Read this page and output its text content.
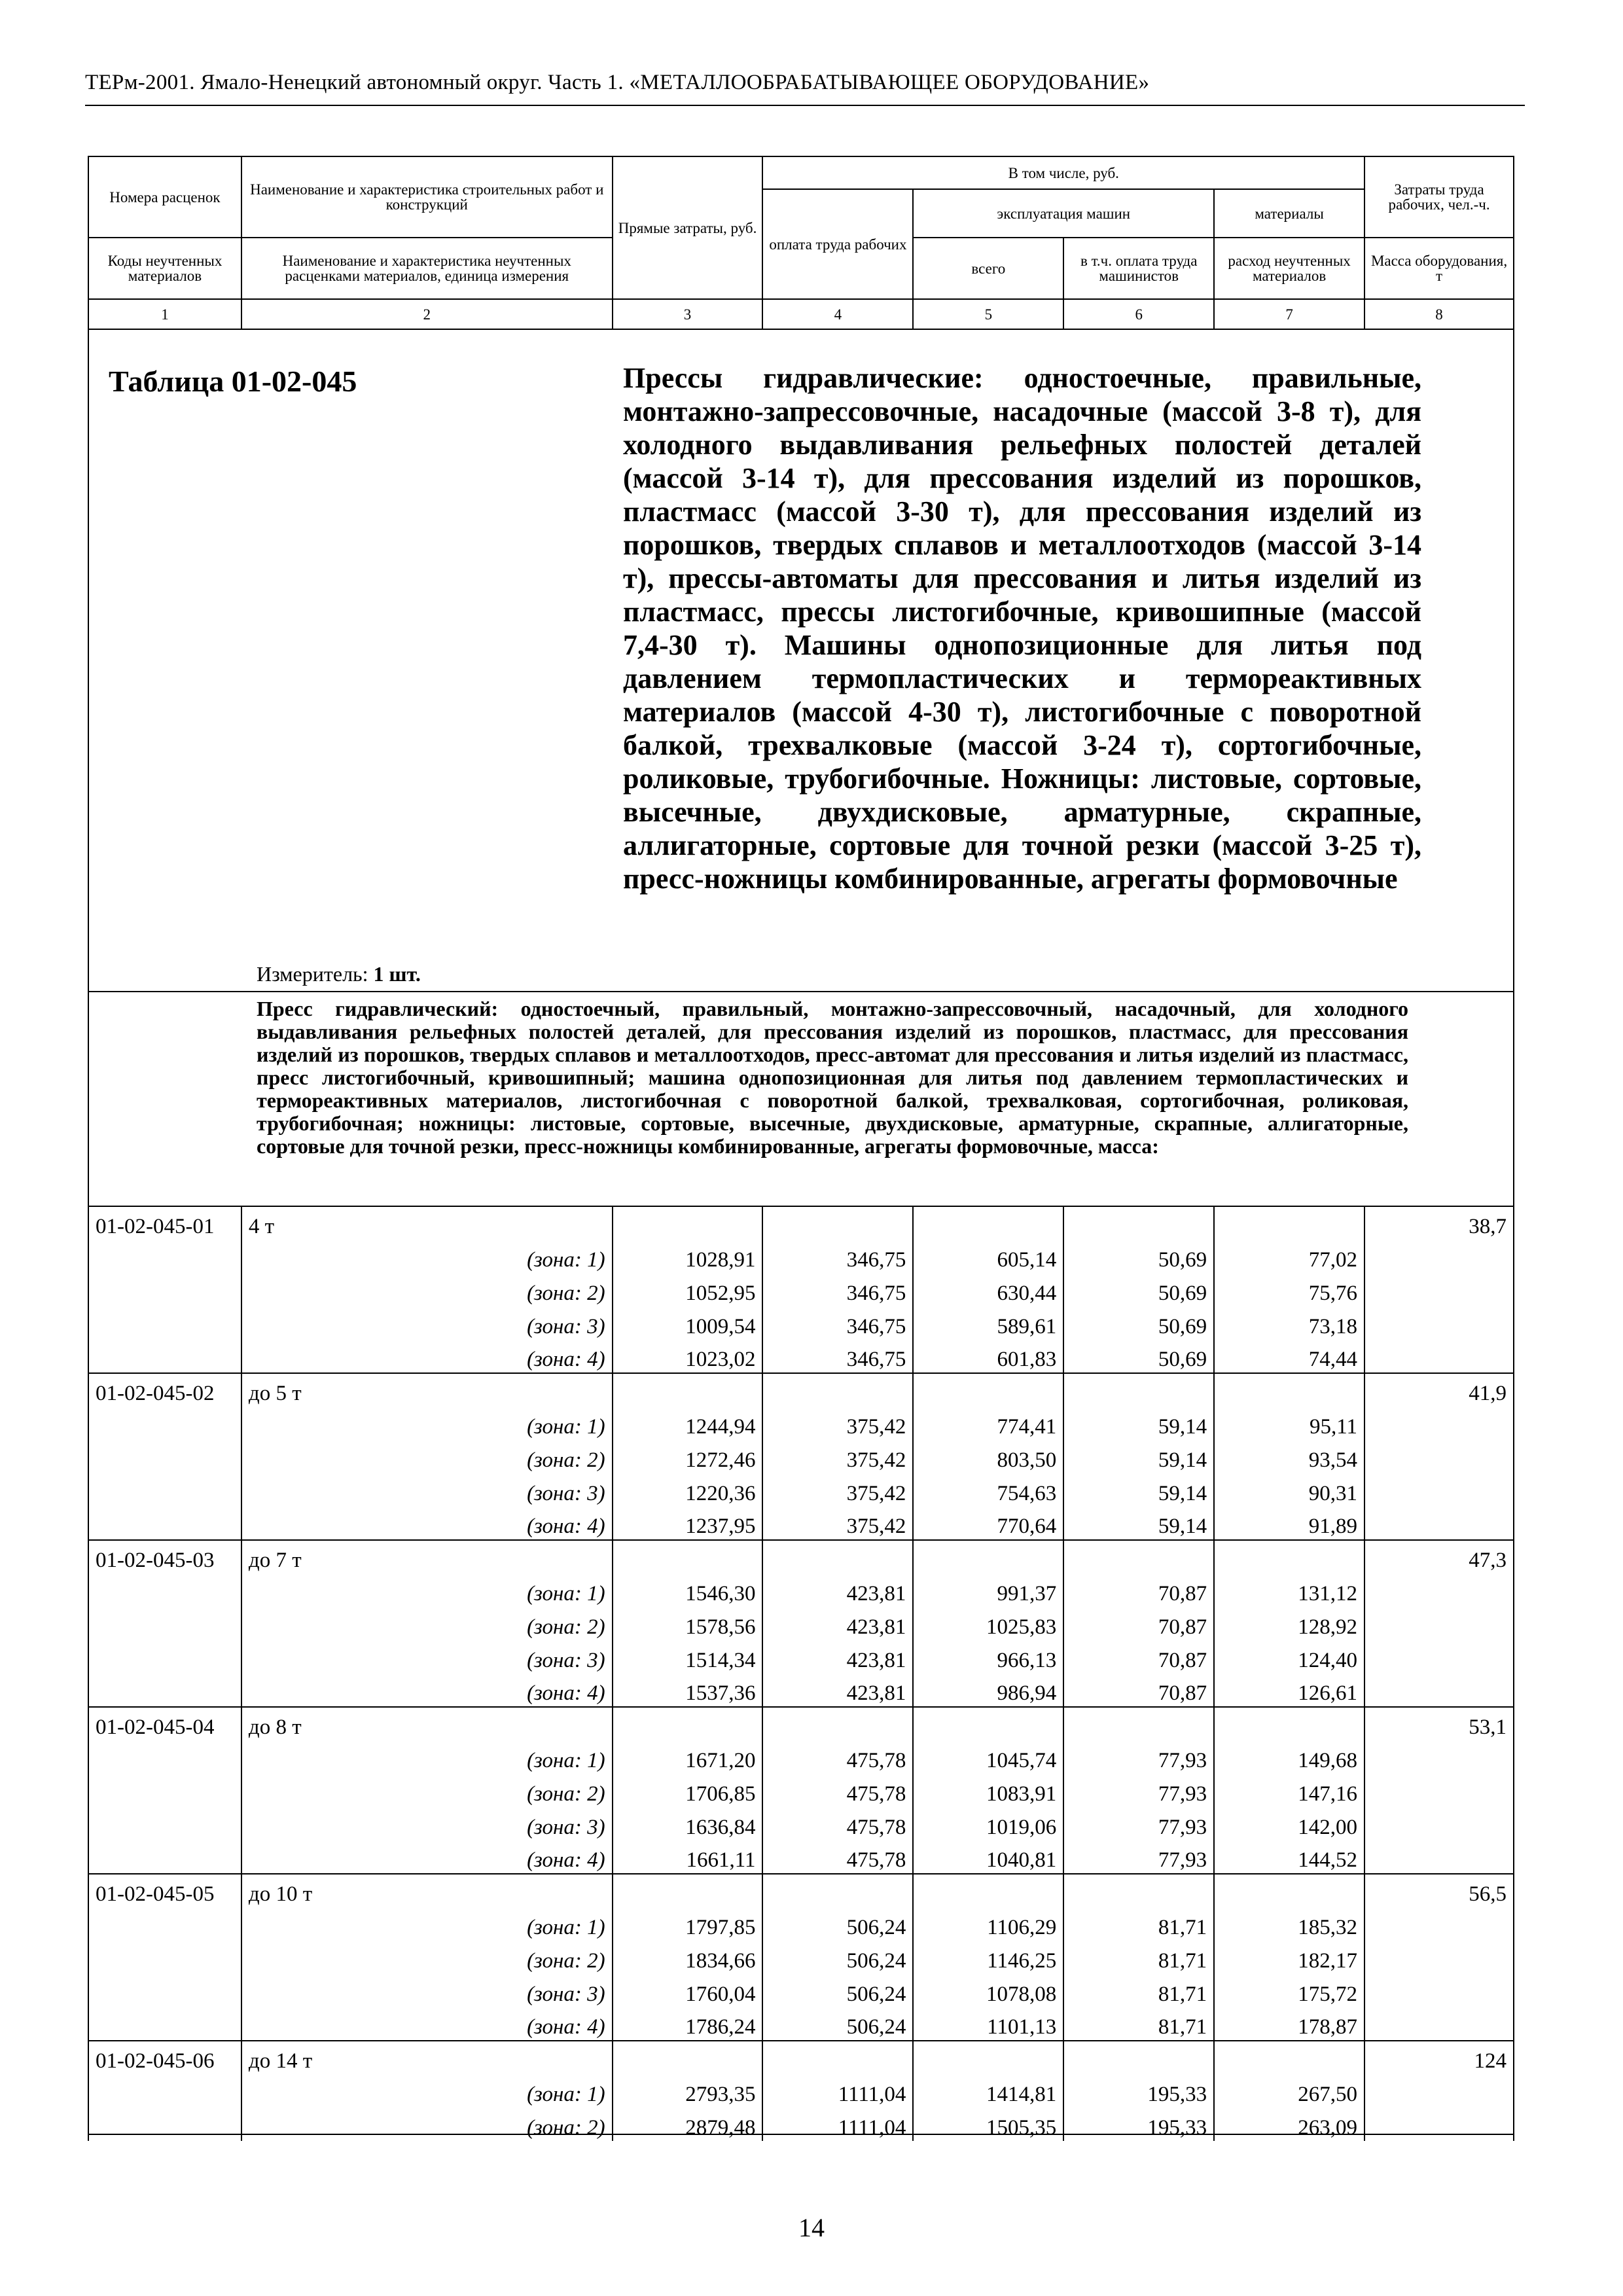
ТЕРм-2001. Ямало-Ненецкий автономный округ. Часть 1. «МЕТАЛЛООБРАБАТЫВАЮЩЕЕ ОБОРУДОВАНИЕ»
Номера расценок	Наименование и характеристика строительных работ и конструкций	Прямые затраты, руб.	В том числе, руб.				Затраты труда рабочих, чел.-ч.
			оплата труда рабочих	эксплуатация машин		материалы	
Коды неучтенных материалов	Наименование и характеристика неучтенных расценками материалов, единица измерения			всего	в т.ч. оплата труда машинистов	расход неучтенных материалов	Масса оборудования, т
1	2	3	4	5	6	7	8
Таблица 01-02-045	Прессы гидравлические: одностоечные, правильные, монтажно-запрессовочные, насадочные (массой 3-8 т), для холодного выдавливания рельефных полостей деталей (массой 3-14 т), для прессования изделий из порошков, пластмасс (массой 3-30 т), для прессования изделий из порошков, твердых сплавов и металлоотходов (массой 3-14 т), прессы-автоматы для прессования и литья изделий из пластмасс, прессы листогибочные, кривошипные (массой 7,4-30 т). Машины однопозиционные для литья под давлением термопластических и термореактивных материалов (массой 4-30 т), листогибочные с поворотной балкой, трехвалковые (массой 3-24 т), сортогибочные, роликовые, трубогибочные. Ножницы: листовые, сортовые, высечные, двухдисковые, арматурные, скрапные, аллигаторные, сортовые для точной резки (массой 3-25 т), пресс-ножницы комбинированные, агрегаты формовочные
Измеритель: 1 шт.
Пресс гидравлический: одностоечный, правильный, монтажно-запрессовочный, насадочный, для холодного выдавливания рельефных полостей деталей, для прессования изделий из порошков, пластмасс, для прессования изделий из порошков, твердых сплавов и металлоотходов, пресс-автомат для прессования и литья изделий из пластмасс, пресс листогибочный, кривошипный; машина однопозиционная для литья под давлением термопластических и термореактивных материалов, листогибочная с поворотной балкой, трехвалковая, сортогибочная, роликовая, трубогибочная; ножницы: листовые, сортовые, высечные, двухдисковые, арматурные, скрапные, аллигаторные, сортовые для точной резки, пресс-ножницы комбинированные, агрегаты формовочные, масса:
01-02-045-01	4 т						38,7
	(зона: 1)	1028,91	346,75	605,14	50,69	77,02	
	(зона: 2)	1052,95	346,75	630,44	50,69	75,76	
	(зона: 3)	1009,54	346,75	589,61	50,69	73,18	
	(зона: 4)	1023,02	346,75	601,83	50,69	74,44	
01-02-045-02	до 5 т						41,9
	(зона: 1)	1244,94	375,42	774,41	59,14	95,11	
	(зона: 2)	1272,46	375,42	803,50	59,14	93,54	
	(зона: 3)	1220,36	375,42	754,63	59,14	90,31	
	(зона: 4)	1237,95	375,42	770,64	59,14	91,89	
01-02-045-03	до 7 т						47,3
	(зона: 1)	1546,30	423,81	991,37	70,87	131,12	
	(зона: 2)	1578,56	423,81	1025,83	70,87	128,92	
	(зона: 3)	1514,34	423,81	966,13	70,87	124,40	
	(зона: 4)	1537,36	423,81	986,94	70,87	126,61	
01-02-045-04	до 8 т						53,1
	(зона: 1)	1671,20	475,78	1045,74	77,93	149,68	
	(зона: 2)	1706,85	475,78	1083,91	77,93	147,16	
	(зона: 3)	1636,84	475,78	1019,06	77,93	142,00	
	(зона: 4)	1661,11	475,78	1040,81	77,93	144,52	
01-02-045-05	до 10 т						56,5
	(зона: 1)	1797,85	506,24	1106,29	81,71	185,32	
	(зона: 2)	1834,66	506,24	1146,25	81,71	182,17	
	(зона: 3)	1760,04	506,24	1078,08	81,71	175,72	
	(зона: 4)	1786,24	506,24	1101,13	81,71	178,87	
01-02-045-06	до 14 т						124
	(зона: 1)	2793,35	1111,04	1414,81	195,33	267,50	
	(зона: 2)	2879,48	1111,04	1505,35	195,33	263,09	
14
